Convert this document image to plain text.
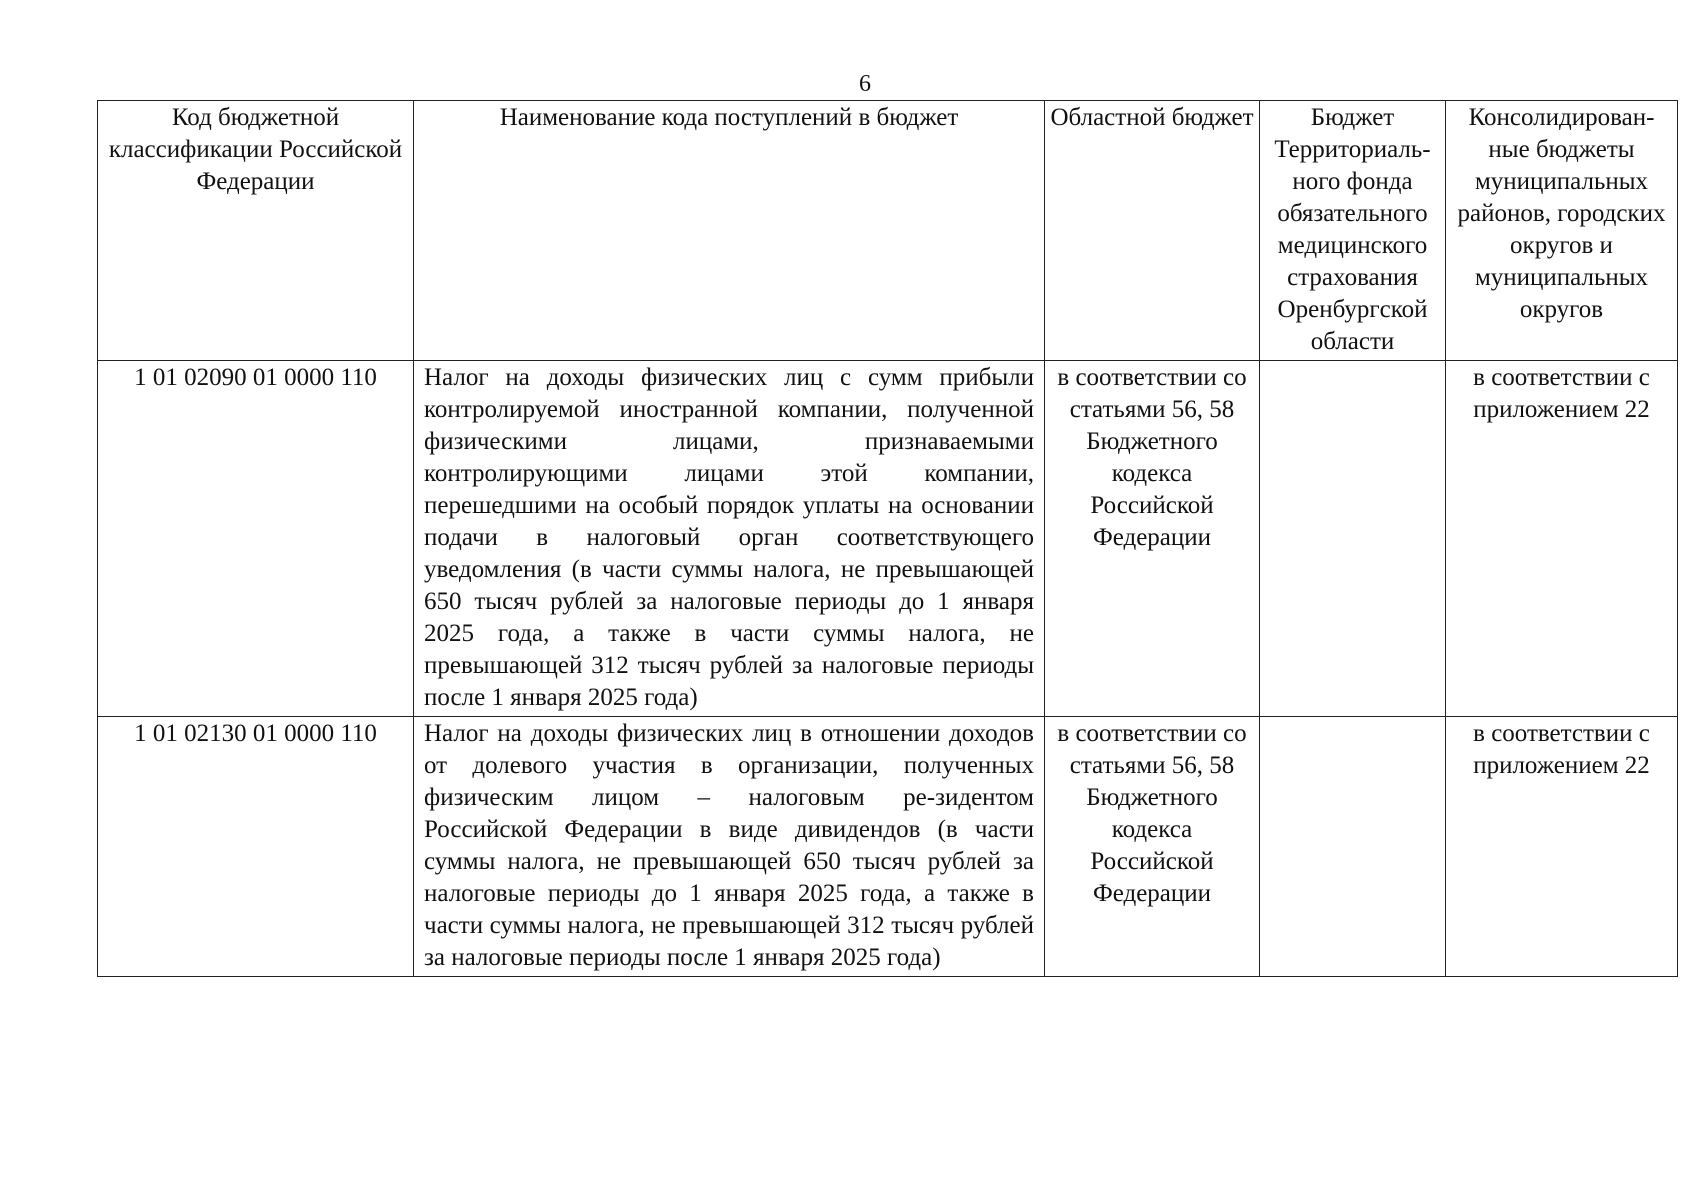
6
Код бюджетной классификации Российской Федерации	Наименование кода поступлений в бюджет	Областной бюджет	Бюджет Территориаль-ного фонда обязательного медицинского страхования Оренбургской области	Консолидирован-ные бюджеты муниципальных районов, городских округов и муниципальных округов
1 01 02090 01 0000 110	Налог на доходы физических лиц с сумм прибыли контролируемой иностранной компании, полученной физическими лицами, признаваемыми контролирующими лицами этой компании, перешедшими на особый порядок уплаты на основании подачи в налоговый орган соответствующего уведомления (в части суммы налога, не превышающей 650 тысяч рублей за налоговые периоды до 1 января 2025 года, а также в части суммы налога, не превышающей 312 тысяч рублей за налоговые периоды после 1 января 2025 года)	в соответствии со статьями 56, 58 Бюджетного кодекса Российской Федерации		в соответствии с приложением 22
1 01 02130 01 0000 110	Налог на доходы физических лиц в отношении доходов от долевого участия в организации, полученных физическим лицом – налоговым ре-зидентом Российской Федерации в виде дивидендов (в части суммы налога, не превышающей 650 тысяч рублей за налоговые периоды до 1 января 2025 года, а также в части суммы налога, не превышающей 312 тысяч рублей за налоговые периоды после 1 января 2025 года)	в соответствии со статьями 56, 58 Бюджетного кодекса Российской Федерации		в соответствии с приложением 22
